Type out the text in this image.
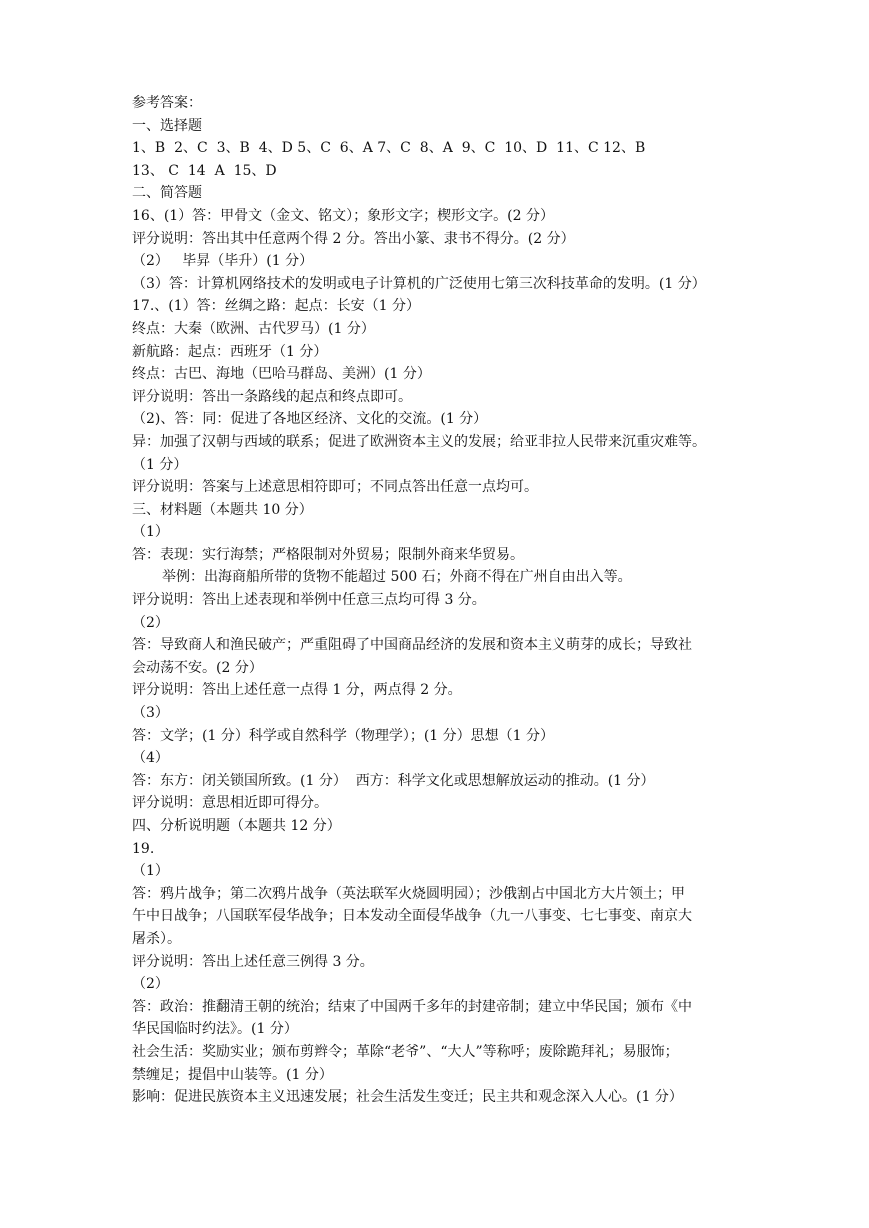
参考答案：
一、选择题
1、B  2、C  3、B  4、D 5、C  6、A 7、C  8、A  9、C  10、D  11、C 12、B
13、 C  14  A  15、D
二、简答题
16、(1）答：甲骨文（金文、铭文）；象形文字；楔形文字。(2 分）
评分说明：答出其中任意两个得 2 分。答出小篆、隶书不得分。(2 分）
（2）   毕昇（毕升）(1 分）
（3）答：计算机网络技术的发明或电子计算机的广泛使用七第三次科技革命的发明。(1 分）
17.、(1）答：丝绸之路：起点：长安（1 分）
终点：大秦（欧洲、古代罗马）(1 分）
新航路：起点：西班牙（1 分）
终点：古巴、海地（巴哈马群岛、美洲）(1 分）
评分说明：答出一条路线的起点和终点即可。
（2)、答：同：促进了各地区经济、文化的交流。(1 分）
异：加强了汉朝与西域的联系；促进了欧洲资本主义的发展；给亚非拉人民带来沉重灾难等。
（1 分）
评分说明：答案与上述意思相符即可；不同点答出任意一点均可。
三、材料题（本题共 10 分）
（1）
答：表现：实行海禁；严格限制对外贸易；限制外商来华贸易。
举例：出海商船所带的货物不能超过 500 石；外商不得在广州自由出入等。
评分说明：答出上述表现和举例中任意三点均可得 3 分。
（2）
答：导致商人和渔民破产；严重阻碍了中国商品经济的发展和资本主义萌芽的成长；导致社
会动荡不安。(2 分）
评分说明：答出上述任意一点得 1 分，两点得 2 分。
（3）
答：文学；(1 分）科学或自然科学（物理学）；(1 分）思想（1 分）
（4）
答：东方：闭关锁国所致。(1 分）  西方：科学文化或思想解放运动的推动。(1 分）
评分说明：意思相近即可得分。
四、分析说明题（本题共 12 分）
19.
（1）
答：鸦片战争；第二次鸦片战争（英法联军火烧圆明园）；沙俄割占中国北方大片领土；甲
午中日战争；八国联军侵华战争；日本发动全面侵华战争（九一八事变、七七事变、南京大
屠杀）。
评分说明：答出上述任意三例得 3 分。
（2）
答：政治：推翻清王朝的统治；结束了中国两千多年的封建帝制；建立中华民国；颁布《中
华民国临时约法》。(1 分）
社会生活：奖励实业；颁布剪辫令；革除“老爷”、“大人”等称呼；废除跪拜礼；易服饰；
禁缠足；提倡中山装等。(1 分）
影响：促进民族资本主义迅速发展；社会生活发生变迁；民主共和观念深入人心。(1 分）
